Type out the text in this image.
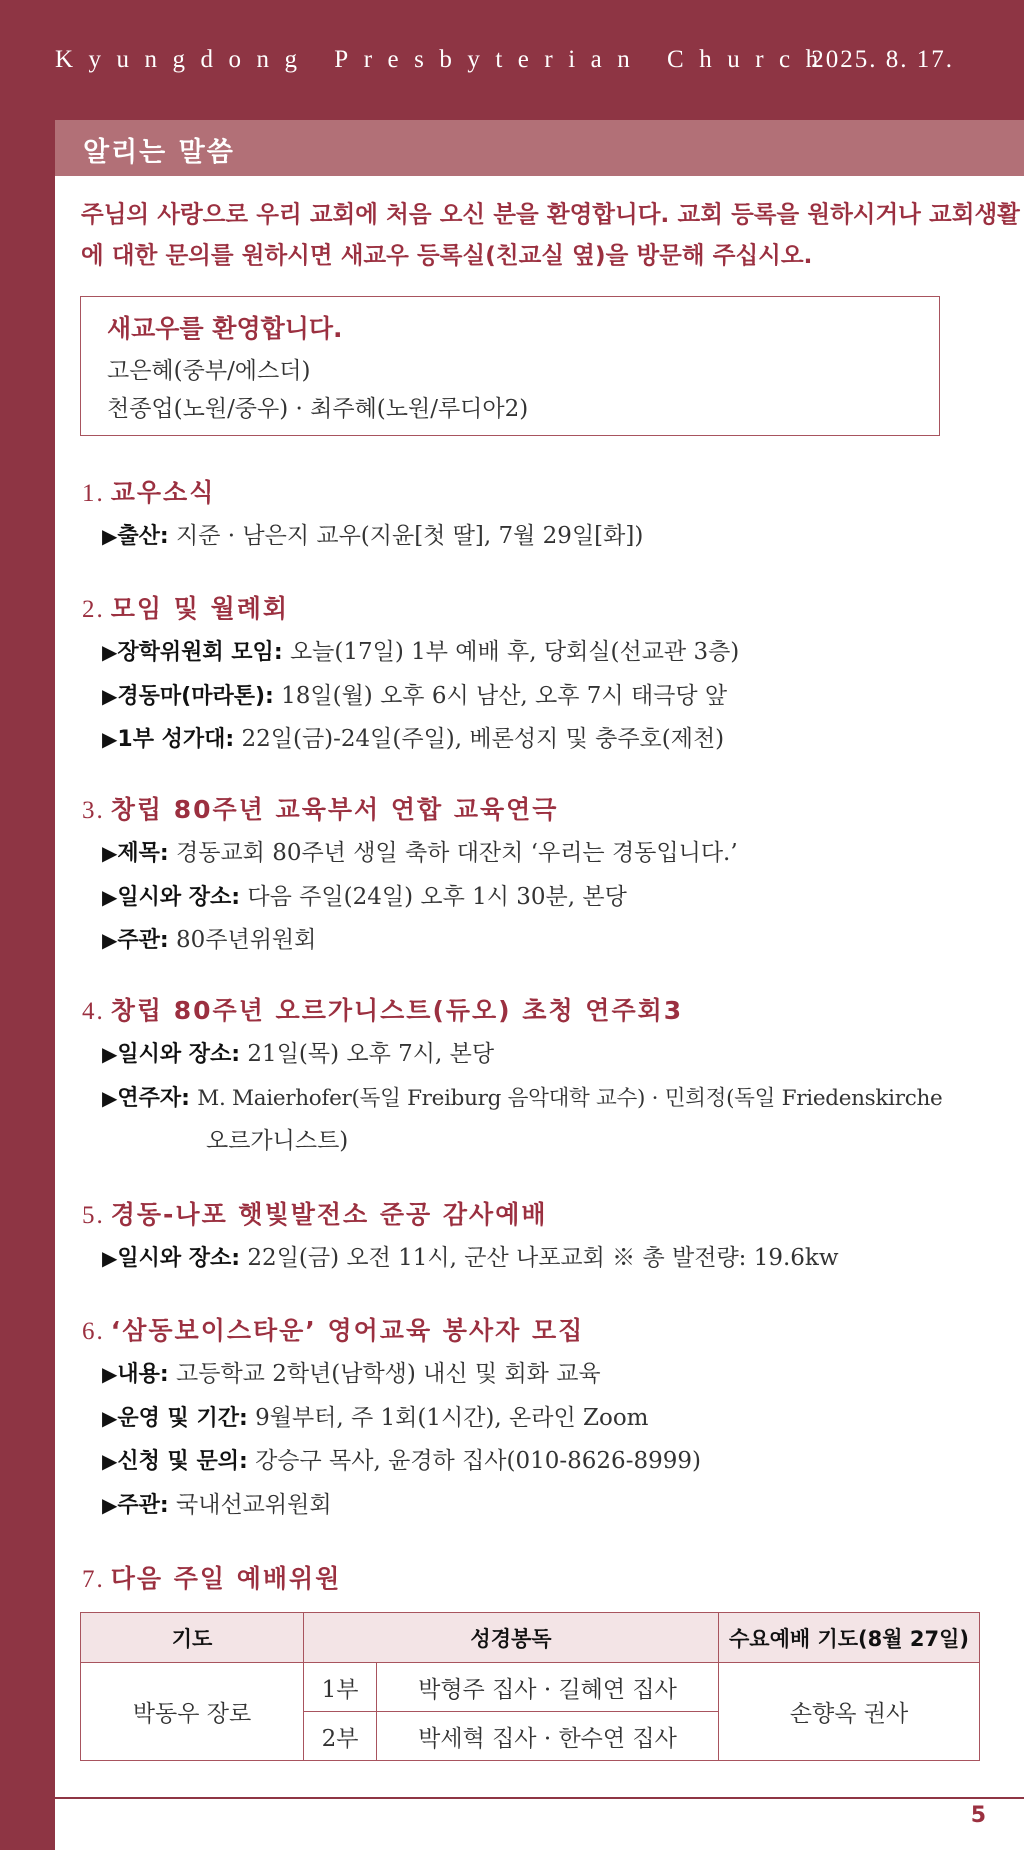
Kyungdong Presbyterian Church
2025. 8. 17.
알리는 말씀

주님의 사랑으로 우리 교회에 처음 오신 분을 환영합니다. 교회 등록을 원하시거나 교회생활에 대한 문의를 원하시면 새교우 등록실(친교실 옆)을 방문해 주십시오.

새교우를 환영합니다.
고은혜(중부/에스더)
천종업(노원/중우) · 최주혜(노원/루디아2)
1. 교우소식
▶출산: 지준 · 남은지 교우(지윤[첫 딸], 7월 29일[화])
2. 모임 및 월례회
▶장학위원회 모임: 오늘(17일) 1부 예배 후, 당회실(선교관 3층)
▶경동마(마라톤): 18일(월) 오후 6시 남산, 오후 7시 태극당 앞
▶1부 성가대: 22일(금)-24일(주일), 베론성지 및 충주호(제천)
3. 창립 80주년 교육부서 연합 교육연극
▶제목: 경동교회 80주년 생일 축하 대잔치 ‘우리는 경동입니다.’
▶일시와 장소: 다음 주일(24일) 오후 1시 30분, 본당
▶주관: 80주년위원회
4. 창립 80주년 오르가니스트(듀오) 초청 연주회3
▶일시와 장소: 21일(목) 오후 7시, 본당
▶연주자: M. Maierhofer(독일 Freiburg 음악대학 교수) · 민희정(독일 Friedenskirche
오르가니스트)
5. 경동-나포 햇빛발전소 준공 감사예배
▶일시와 장소: 22일(금) 오전 11시, 군산 나포교회 ※ 총 발전량: 19.6kw
6. ‘삼동보이스타운’ 영어교육 봉사자 모집
▶내용: 고등학교 2학년(남학생) 내신 및 회화 교육
▶운영 및 기간: 9월부터, 주 1회(1시간), 온라인 Zoom
▶신청 및 문의: 강승구 목사, 윤경하 집사(010-8626-8999)
▶주관: 국내선교위원회
7. 다음 주일 예배위원
기도	성경봉독		수요예배 기도(8월 27일)
박동우 장로	1부	박형주 집사 · 길혜연 집사	손향옥 권사
	2부	박세혁 집사 · 한수연 집사	
5
